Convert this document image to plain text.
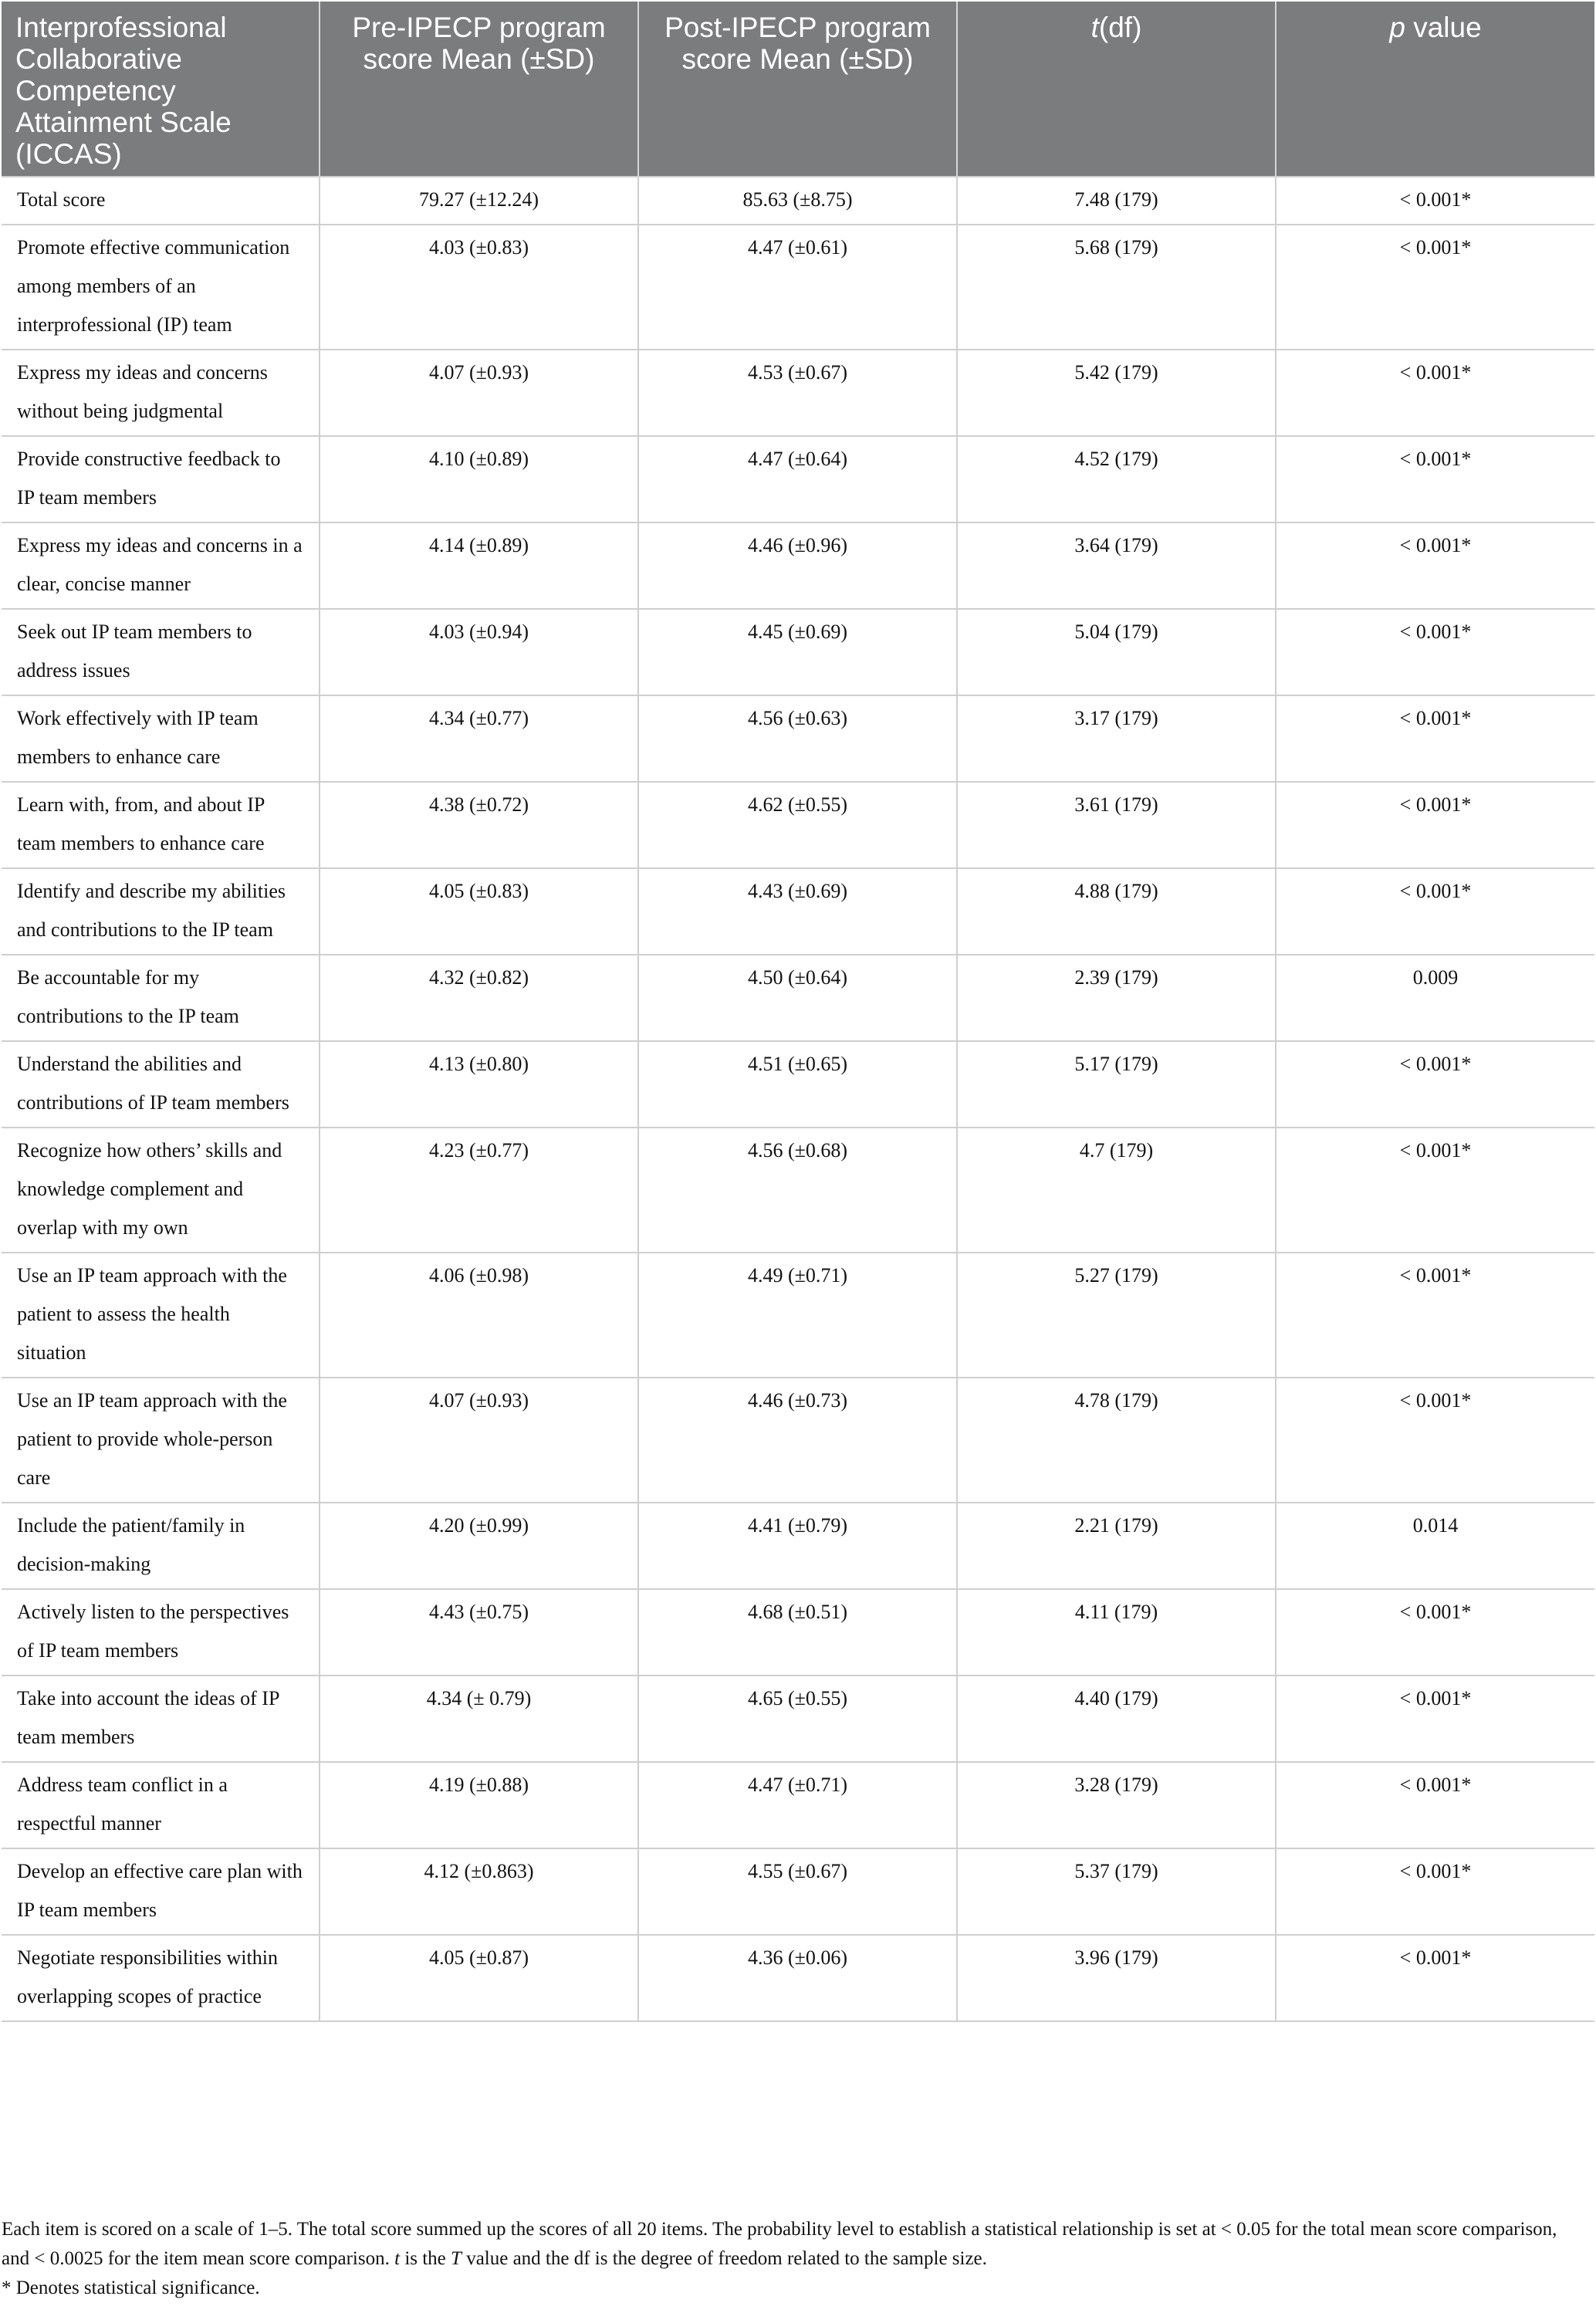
Interprofessional Collaborative Competency Attainment Scale (ICCAS)	Pre-IPECP program score Mean (±SD)	Post-IPECP program score Mean (±SD)	t(df)	p value
Total score	79.27 (±12.24)	85.63 (±8.75)	7.48 (179)	< 0.001*
Promote effective communication among members of an interprofessional (IP) team	4.03 (±0.83)	4.47 (±0.61)	5.68 (179)	< 0.001*
Express my ideas and concerns without being judgmental	4.07 (±0.93)	4.53 (±0.67)	5.42 (179)	< 0.001*
Provide constructive feedback to IP team members	4.10 (±0.89)	4.47 (±0.64)	4.52 (179)	< 0.001*
Express my ideas and concerns in a clear, concise manner	4.14 (±0.89)	4.46 (±0.96)	3.64 (179)	< 0.001*
Seek out IP team members to address issues	4.03 (±0.94)	4.45 (±0.69)	5.04 (179)	< 0.001*
Work effectively with IP team members to enhance care	4.34 (±0.77)	4.56 (±0.63)	3.17 (179)	< 0.001*
Learn with, from, and about IP team members to enhance care	4.38 (±0.72)	4.62 (±0.55)	3.61 (179)	< 0.001*
Identify and describe my abilities and contributions to the IP team	4.05 (±0.83)	4.43 (±0.69)	4.88 (179)	< 0.001*
Be accountable for my contributions to the IP team	4.32 (±0.82)	4.50 (±0.64)	2.39 (179)	0.009
Understand the abilities and contributions of IP team members	4.13 (±0.80)	4.51 (±0.65)	5.17 (179)	< 0.001*
Recognize how others’ skills and knowledge complement and overlap with my own	4.23 (±0.77)	4.56 (±0.68)	4.7 (179)	< 0.001*
Use an IP team approach with the patient to assess the health situation	4.06 (±0.98)	4.49 (±0.71)	5.27 (179)	< 0.001*
Use an IP team approach with the patient to provide whole-person care	4.07 (±0.93)	4.46 (±0.73)	4.78 (179)	< 0.001*
Include the patient/family in decision-making	4.20 (±0.99)	4.41 (±0.79)	2.21 (179)	0.014
Actively listen to the perspectives of IP team members	4.43 (±0.75)	4.68 (±0.51)	4.11 (179)	< 0.001*
Take into account the ideas of IP team members	4.34 (± 0.79)	4.65 (±0.55)	4.40 (179)	< 0.001*
Address team conflict in a respectful manner	4.19 (±0.88)	4.47 (±0.71)	3.28 (179)	< 0.001*
Develop an effective care plan with IP team members	4.12 (±0.863)	4.55 (±0.67)	5.37 (179)	< 0.001*
Negotiate responsibilities within overlapping scopes of practice	4.05 (±0.87)	4.36 (±0.06)	3.96 (179)	< 0.001*

Each item is scored on a scale of 1–5. The total score summed up the scores of all 20 items. The probability level to establish a statistical relationship is set at < 0.05 for the total mean score comparison, and < 0.0025 for the item mean score comparison. t is the T value and the df is the degree of freedom related to the sample size.

* Denotes statistical significance.
